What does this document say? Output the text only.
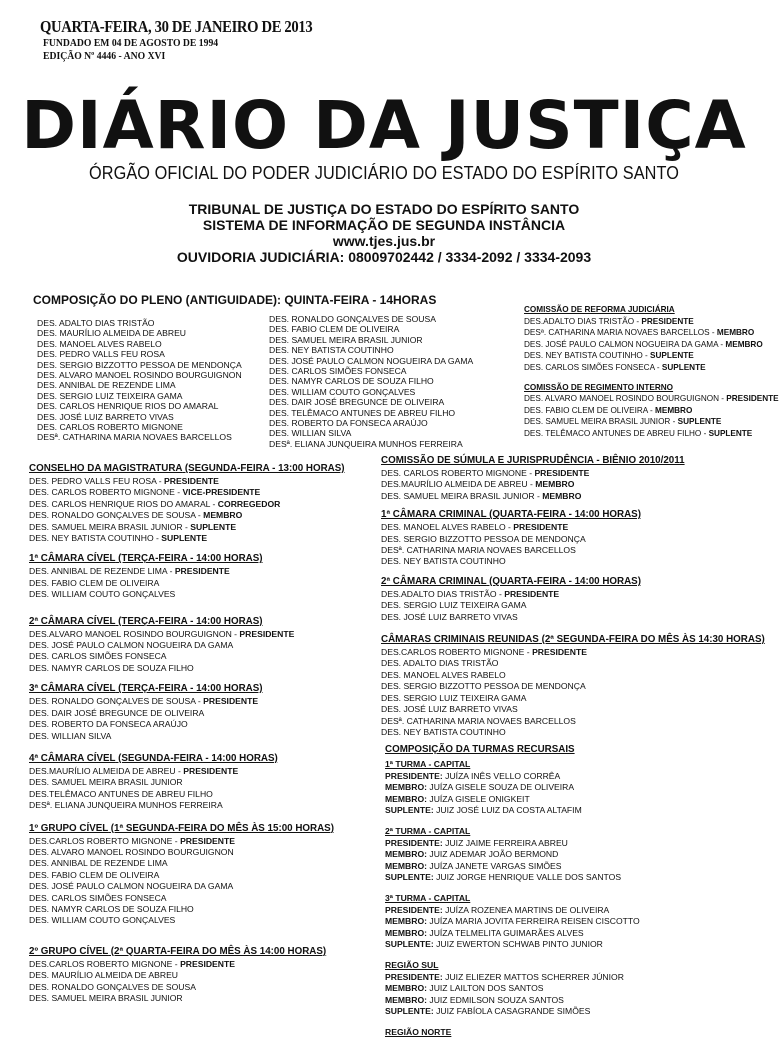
QUARTA-FEIRA, 30 DE JANEIRO DE 2013
FUNDADO EM 04 DE AGOSTO DE 1994
EDIÇÃO Nº 4446 - ANO XVI
DIÁRIO DA JUSTIÇA
ÓRGÃO OFICIAL DO PODER JUDICIÁRIO DO ESTADO DO ESPÍRITO SANTO
TRIBUNAL DE JUSTIÇA DO ESTADO DO ESPÍRITO SANTO
SISTEMA DE INFORMAÇÃO DE SEGUNDA INSTÂNCIA
www.tjes.jus.br
OUVIDORIA JUDICIÁRIA: 08009702442 / 3334-2092 / 3334-2093
COMPOSIÇÃO DO PLENO (ANTIGUIDADE): QUINTA-FEIRA - 14HORAS
DES. ADALTO DIAS TRISTÃO
DES. MAURÍLIO ALMEIDA DE ABREU
DES. MANOEL ALVES RABELO
DES. PEDRO VALLS FEU ROSA
DES. SERGIO BIZZOTTO PESSOA DE MENDONÇA
DES. ALVARO MANOEL ROSINDO BOURGUIGNON
DES. ANNIBAL DE REZENDE LIMA
DES. SERGIO LUIZ TEIXEIRA GAMA
DES. CARLOS HENRIQUE RIOS DO AMARAL
DES. JOSÉ LUIZ BARRETO VIVAS
DES. CARLOS ROBERTO MIGNONE
DESª. CATHARINA MARIA NOVAES BARCELLOS
DES. RONALDO GONÇALVES DE SOUSA
DES. FABIO CLEM DE OLIVEIRA
DES. SAMUEL MEIRA BRASIL JUNIOR
DES. NEY BATISTA COUTINHO
DES. JOSÉ PAULO CALMON NOGUEIRA DA GAMA
DES. CARLOS SIMÕES FONSECA
DES. NAMYR CARLOS DE SOUZA FILHO
DES. WILLIAM COUTO GONÇALVES
DES. DAIR JOSÉ BREGUNCE DE OLIVEIRA
DES. TELÊMACO ANTUNES DE ABREU FILHO
DES. ROBERTO DA FONSECA ARAÚJO
DES. WILLIAN SILVA
DESª. ELIANA JUNQUEIRA MUNHOS FERREIRA
COMISSÃO DE REFORMA JUDICIÁRIA
DES.ADALTO DIAS TRISTÃO - PRESIDENTE
DESª. CATHARINA MARIA NOVAES BARCELLOS - MEMBRO
DES. JOSÉ PAULO CALMON NOGUEIRA DA GAMA - MEMBRO
DES. NEY BATISTA COUTINHO - SUPLENTE
DES. CARLOS SIMÕES FONSECA - SUPLENTE
COMISSÃO DE REGIMENTO INTERNO
DES. ALVARO MANOEL ROSINDO BOURGUIGNON - PRESIDENTE
DES. FABIO CLEM DE OLIVEIRA - MEMBRO
DES. SAMUEL MEIRA BRASIL JUNIOR - SUPLENTE
DES. TELÊMACO ANTUNES DE ABREU FILHO - SUPLENTE
CONSELHO DA MAGISTRATURA (SEGUNDA-FEIRA - 13:00 HORAS)
DES. PEDRO VALLS FEU ROSA - PRESIDENTE
DES. CARLOS ROBERTO MIGNONE - VICE-PRESIDENTE
DES. CARLOS HENRIQUE RIOS DO AMARAL - CORREGEDOR
DES. RONALDO GONÇALVES DE SOUSA - MEMBRO
DES. SAMUEL MEIRA BRASIL JUNIOR - SUPLENTE
DES. NEY BATISTA COUTINHO - SUPLENTE
1ª CÂMARA CÍVEL (TERÇA-FEIRA - 14:00 HORAS)
DES. ANNIBAL DE REZENDE LIMA - PRESIDENTE
DES. FABIO CLEM DE OLIVEIRA
DES. WILLIAM COUTO GONÇALVES
2ª CÂMARA CÍVEL (TERÇA-FEIRA - 14:00 HORAS)
DES.ALVARO MANOEL ROSINDO BOURGUIGNON - PRESIDENTE
DES. JOSÉ PAULO CALMON NOGUEIRA DA GAMA
DES. CARLOS SIMÕES FONSECA
DES. NAMYR CARLOS DE SOUZA FILHO
3ª CÂMARA CÍVEL (TERÇA-FEIRA - 14:00 HORAS)
DES. RONALDO GONÇALVES DE SOUSA - PRESIDENTE
DES. DAIR JOSÉ BREGUNCE DE OLIVEIRA
DES. ROBERTO DA FONSECA ARAÚJO
DES. WILLIAN SILVA
4ª CÂMARA CÍVEL (SEGUNDA-FEIRA - 14:00 HORAS)
DES.MAURÍLIO ALMEIDA DE ABREU - PRESIDENTE
DES. SAMUEL MEIRA BRASIL JUNIOR
DES.TELÊMACO ANTUNES DE ABREU FILHO
DESª. ELIANA JUNQUEIRA MUNHOS FERREIRA
1º GRUPO CÍVEL (1ª SEGUNDA-FEIRA DO MÊS ÀS 15:00 HORAS)
DES.CARLOS ROBERTO MIGNONE - PRESIDENTE
DES. ALVARO MANOEL ROSINDO BOURGUIGNON
DES. ANNIBAL DE REZENDE LIMA
DES. FABIO CLEM DE OLIVEIRA
DES. JOSÉ PAULO CALMON NOGUEIRA DA GAMA
DES. CARLOS SIMÕES FONSECA
DES. NAMYR CARLOS DE SOUZA FILHO
DES. WILLIAM COUTO GONÇALVES
2º GRUPO CÍVEL (2ª QUARTA-FEIRA DO MÊS ÀS 14:00 HORAS)
DES.CARLOS ROBERTO MIGNONE - PRESIDENTE
DES. MAURÍLIO ALMEIDA DE ABREU
DES. RONALDO GONÇALVES DE SOUSA
DES. SAMUEL MEIRA BRASIL JUNIOR
COMISSÃO DE SÚMULA E JURISPRUDÊNCIA - BIÊNIO 2010/2011
DES. CARLOS ROBERTO MIGNONE - PRESIDENTE
DES.MAURÍLIO ALMEIDA DE ABREU - MEMBRO
DES. SAMUEL MEIRA BRASIL JUNIOR - MEMBRO
1ª CÂMARA CRIMINAL (QUARTA-FEIRA - 14:00 HORAS)
DES. MANOEL ALVES RABELO - PRESIDENTE
DES. SERGIO BIZZOTTO PESSOA DE MENDONÇA
DESª. CATHARINA MARIA NOVAES BARCELLOS
DES. NEY BATISTA COUTINHO
2ª CÂMARA CRIMINAL (QUARTA-FEIRA - 14:00 HORAS)
DES.ADALTO DIAS TRISTÃO - PRESIDENTE
DES. SERGIO LUIZ TEIXEIRA GAMA
DES. JOSÉ LUIZ BARRETO VIVAS
CÂMARAS CRIMINAIS REUNIDAS (2ª SEGUNDA-FEIRA DO MÊS ÀS 14:30 HORAS)
DES.CARLOS ROBERTO MIGNONE - PRESIDENTE
DES. ADALTO DIAS TRISTÃO
DES. MANOEL ALVES RABELO
DES. SERGIO BIZZOTTO PESSOA DE MENDONÇA
DES. SERGIO LUIZ TEIXEIRA GAMA
DES. JOSÉ LUIZ BARRETO VIVAS
DESª. CATHARINA MARIA NOVAES BARCELLOS
DES. NEY BATISTA COUTINHO
COMPOSIÇÃO DA TURMAS RECURSAIS
1ª TURMA - CAPITAL
PRESIDENTE: JUÍZA INÊS VELLO CORRÊA
MEMBRO: JUÍZA GISELE SOUZA DE OLIVEIRA
MEMBRO: JUÍZA GISELE ONIGKEIT
SUPLENTE: JUIZ JOSÉ LUIZ DA COSTA ALTAFIM
2ª TURMA - CAPITAL
PRESIDENTE: JUIZ JAIME FERREIRA ABREU
MEMBRO: JUIZ ADEMAR JOÃO BERMOND
MEMBRO: JUÍZA JANETE VARGAS SIMÕES
SUPLENTE: JUIZ JORGE HENRIQUE VALLE DOS SANTOS
3ª TURMA - CAPITAL
PRESIDENTE: JUÍZA ROZENEA MARTINS DE OLIVEIRA
MEMBRO: JUÍZA MARIA JOVITA FERREIRA REISEN CISCOTTO
MEMBRO: JUÍZA TELMELITA GUIMARÃES ALVES
SUPLENTE: JUIZ EWERTON SCHWAB PINTO JUNIOR
REGIÃO SUL
PRESIDENTE: JUIZ ELIEZER MATTOS SCHERRER JÚNIOR
MEMBRO: JUIZ LAILTON DOS SANTOS
MEMBRO: JUIZ EDMILSON SOUZA SANTOS
SUPLENTE: JUIZ FABÍOLA CASAGRANDE SIMÕES
REGIÃO NORTE
